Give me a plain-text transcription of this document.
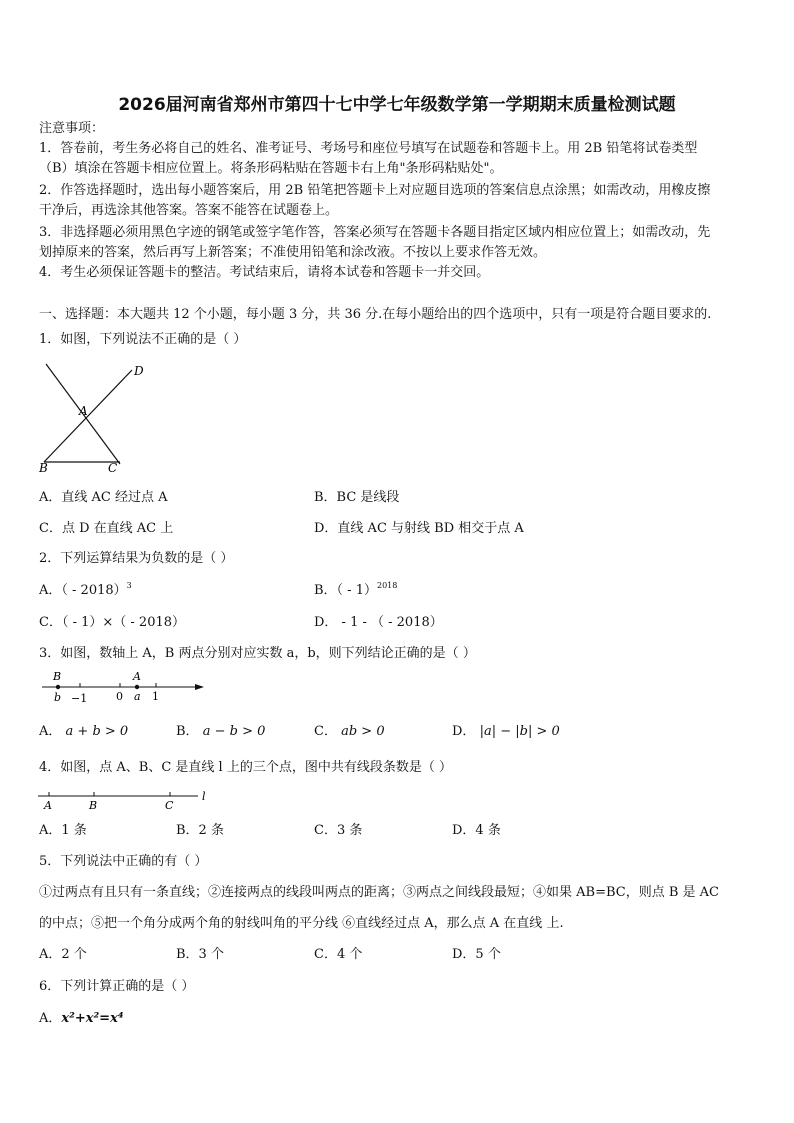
2026届河南省郑州市第四十七中学七年级数学第一学期期末质量检测试题
注意事项：
1．答卷前，考生务必将自己的姓名、准考证号、考场号和座位号填写在试题卷和答题卡上。用 2B 铅笔将试卷类型
（B）填涂在答题卡相应位置上。将条形码粘贴在答题卡右上角"条形码粘贴处"。
2．作答选择题时，选出每小题答案后，用 2B 铅笔把答题卡上对应题目选项的答案信息点涂黑；如需改动，用橡皮擦
干净后，再选涂其他答案。答案不能答在试题卷上。
3．非选择题必须用黑色字迹的钢笔或签字笔作答，答案必须写在答题卡各题目指定区域内相应位置上；如需改动，先
划掉原来的答案，然后再写上新答案；不准使用铅笔和涂改液。不按以上要求作答无效。
4．考生必须保证答题卡的整洁。考试结束后，请将本试卷和答题卡一并交回。
一、选择题：本大题共 12 个小题，每小题 3 分，共 36 分.在每小题给出的四个选项中，只有一项是符合题目要求的.
1．如图，下列说法不正确的是（ ）
D
A
B	C
A．直线 AC 经过点 A	B．BC 是线段
C．点 D 在直线 AC 上	D．直线 AC 与射线 BD 相交于点 A
2．下列运算结果为负数的是（ ）
A．（ - 2018）$^3$	B．（ - 1）$^{2018}$
C．（ - 1）×（ - 2018）	D． - 1 - （ - 2018）
3．如图，数轴上 A，B 两点分别对应实数 a，b，则下列结论正确的是（ ）
B
b −1	0
A
a 1
A． a + b > 0	B． a − b > 0	C． ab > 0	D． |a| − |b| > 0
4．如图，点 A、B、C 是直线 l 上的三个点，图中共有线段条数是（ ）
A	B	C
l
A．1 条	B．2 条	C．3 条	D．4 条
5．下列说法中正确的有（ ）
①过两点有且只有一条直线；②连接两点的线段叫两点的距离；③两点之间线段最短；④如果 AB=BC，则点 B 是 AC
的中点；⑤把一个角分成两个角的射线叫角的平分线 ⑥直线经过点 A，那么点 A 在直线 上.
A．2 个	B．3 个	C．4 个	D．5 个
6．下列计算正确的是（ ）
A．x²+x²=x⁴
